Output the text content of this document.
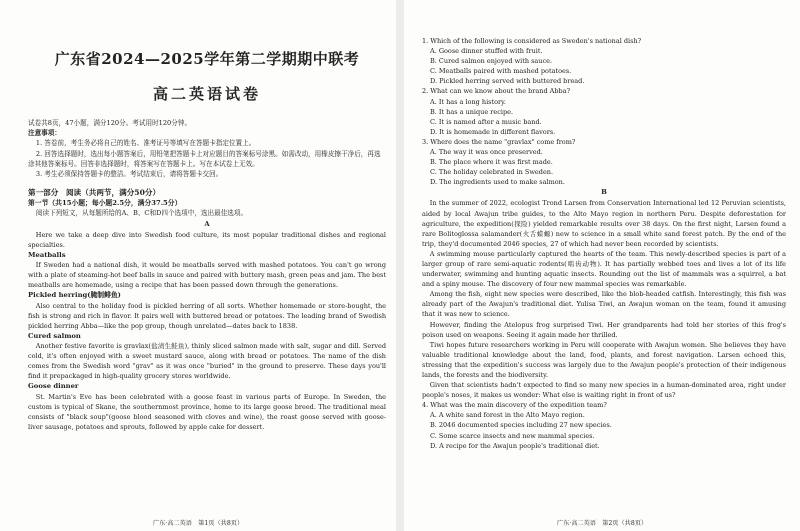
广东省2024—2025学年第二学期期中联考
高二英语试卷
试卷共8页，47小题，满分120分。考试用时120分钟。
注意事项：
1. 答卷前，考生务必将自己的姓名、准考证号等填写在答题卡指定位置上。
2. 回答选择题时，选出每小题答案后，用铅笔把答题卡上对应题目的答案标号涂黑。如需改动，用橡皮擦干净后，再选涂其他答案标号。回答非选择题时，将答案写在答题卡上。写在本试卷上无效。
3. 考生必须保持答题卡的整洁。考试结束后，请将答题卡交回。
第一部分　阅读（共两节，满分50分）
第一节（共15小题；每小题2.5分，满分37.5分）
阅读下列短文，从每题所给的A、B、C和D四个选项中，选出最佳选项。
A
Here we take a deep dive into Swedish food culture, its most popular traditional dishes and regional specialties.
Meatballs
If Sweden had a national dish, it would be meatballs served with mashed potatoes. You can't go wrong with a plate of steaming-hot beef balls in sauce and paired with buttery mash, green peas and jam. The best meatballs are homemade, using a recipe that has been passed down through the generations.
Pickled herring(腌制鲱鱼)
Also central to the holiday food is pickled herring of all sorts. Whether homemade or store-bought, the fish is strong and rich in flavor. It pairs well with buttered bread or potatoes. The leading brand of Swedish pickled herring Abba—like the pop group, though unrelated—dates back to 1838.
Cured salmon
Another festive favorite is gravlax(盐渍生鲑鱼), thinly sliced salmon made with salt, sugar and dill. Served cold, it's often enjoyed with a sweet mustard sauce, along with bread or potatoes. The name of the dish comes from the Swedish word "grav" as it was once "buried" in the ground to preserve. These days you'll find it prepackaged in high-quality grocery stores worldwide.
Goose dinner
St. Martin's Eve has been celebrated with a goose feast in various parts of Europe. In Sweden, the custom is typical of Skane, the southernmost province, home to its large goose breed. The traditional meal consists of "black soup"(goose blood seasoned with cloves and wine), the roast goose served with goose-liver sausage, potatoes and sprouts, followed by apple cake for dessert.
广东·高二英语　第1页（共8页）
1. Which of the following is considered as Sweden's national dish?
A. Goose dinner stuffed with fruit.
B. Cured salmon enjoyed with sauce.
C. Meatballs paired with mashed potatoes.
D. Pickled herring served with buttered bread.
2. What can we know about the brand Abba?
A. It has a long history.
B. It has a unique recipe.
C. It is named after a music band.
D. It is homemade in different flavors.
3. Where does the name "gravlax" come from?
A. The way it was once preserved.
B. The place where it was first made.
C. The holiday celebrated in Sweden.
D. The ingredients used to make salmon.
B
In the summer of 2022, ecologist Trond Larsen from Conservation International led 12 Peruvian scientists, aided by local Awajun tribe guides, to the Alto Mayo region in northern Peru. Despite deforestation for agriculture, the expedition(探险) yielded remarkable results over 38 days. On the first night, Larsen found a rare Bolitoglossa salamander(火舌蝾螈) new to science in a small white sand forest patch. By the end of the trip, they'd documented 2046 species, 27 of which had never been recorded by scientists.
A swimming mouse particularly captured the hearts of the team. This newly-described species is part of a larger group of rare semi-aquatic rodents(啮齿动物). It has partially webbed toes and lives a lot of its life underwater, swimming and hunting aquatic insects. Rounding out the list of mammals was a squirrel, a bat and a spiny mouse. The discovery of four new mammal species was remarkable.
Among the fish, eight new species were described, like the blob-headed catfish. Interestingly, this fish was already part of the Awajun's traditional diet. Yulisa Tiwi, an Awajun woman on the team, found it amusing that it was new to science.
However, finding the Atelopus frog surprised Tiwi. Her grandparents had told her stories of this frog's poison used on weapons. Seeing it again made her thrilled.
Tiwi hopes future researchers working in Peru will cooperate with Awajun women. She believes they have valuable traditional knowledge about the land, food, plants, and forest navigation. Larsen echoed this, stressing that the expedition's success was largely due to the Awajun people's protection of their indigenous lands, the forests and the biodiversity.
Given that scientists hadn't expected to find so many new species in a human-dominated area, right under people's noses, it makes us wonder: What else is waiting right in front of us?
4. What was the main discovery of the expedition team?
A. A white sand forest in the Alto Mayo region.
B. 2046 documented species including 27 new species.
C. Some scarce insects and new mammal species.
D. A recipe for the Awajun people's traditional diet.
广东·高二英语　第2页（共8页）
